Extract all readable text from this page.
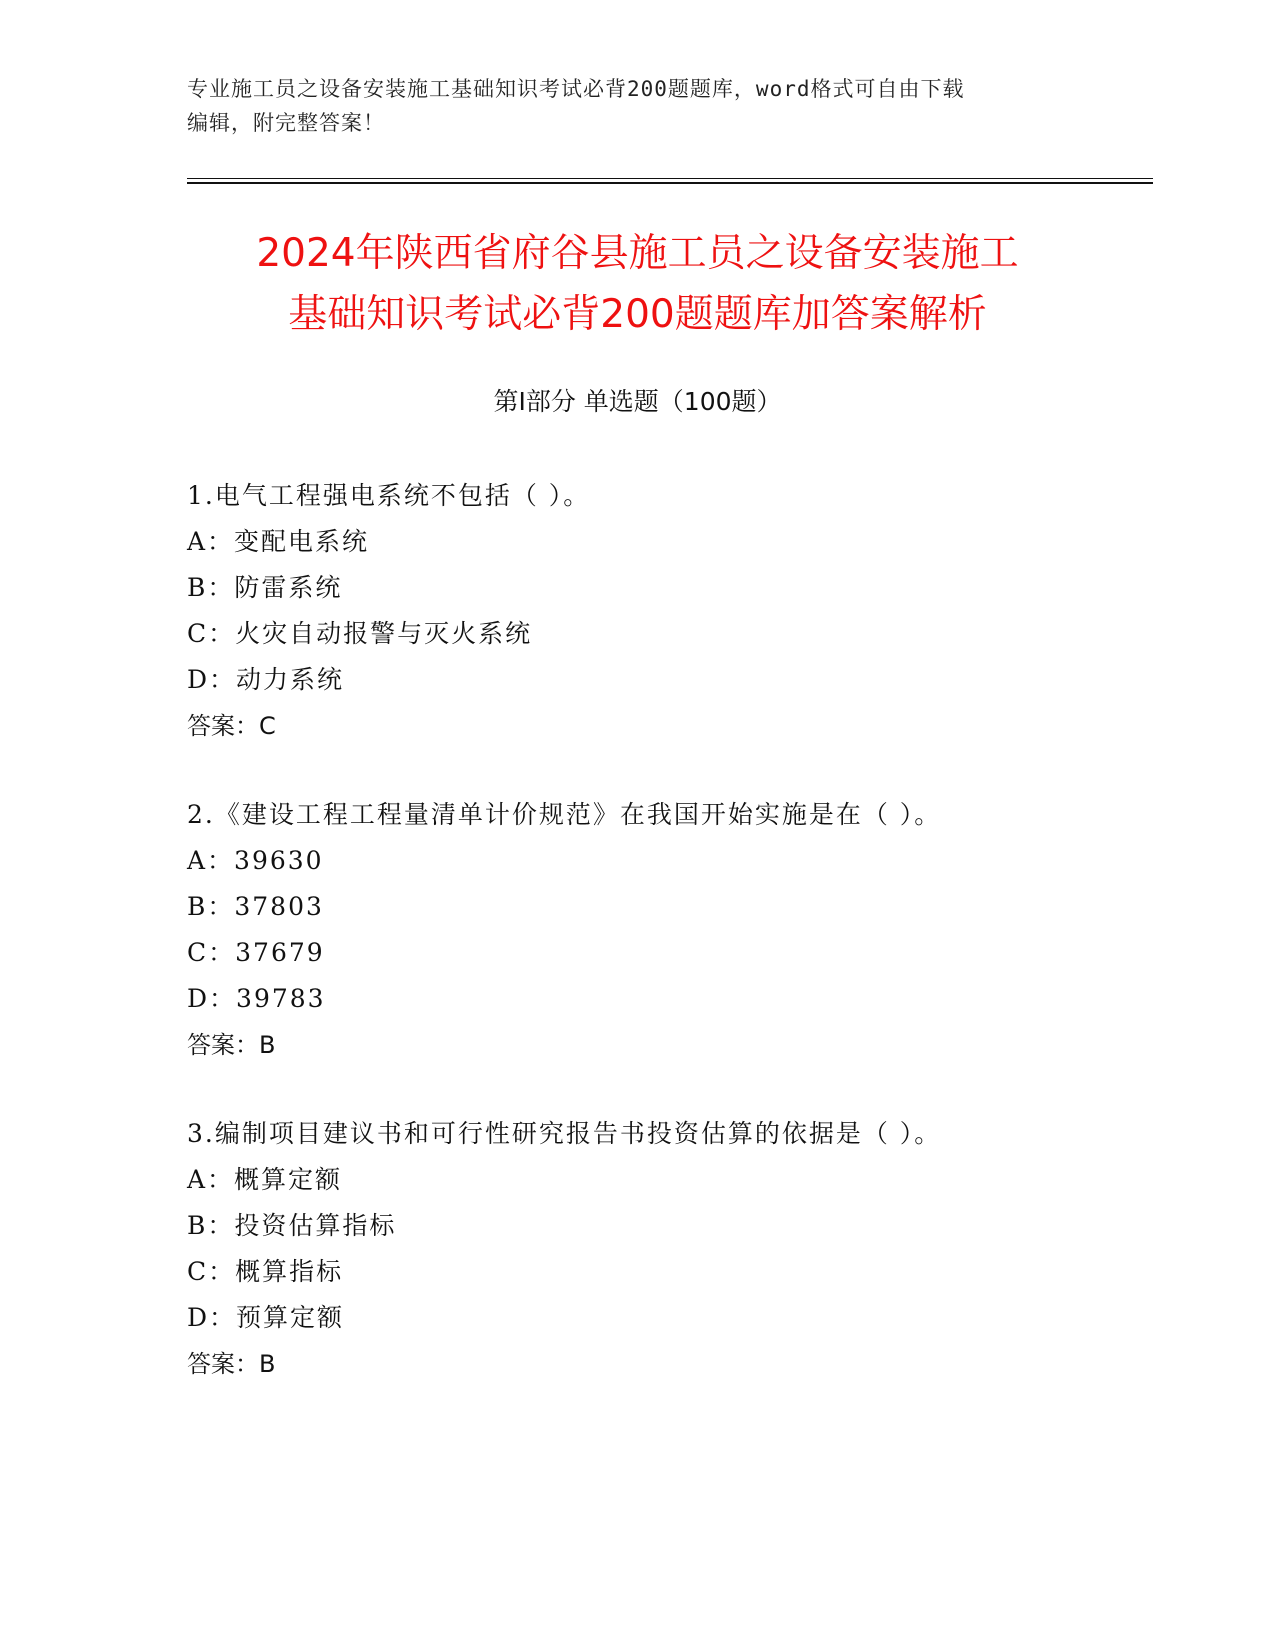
专业施工员之设备安装施工基础知识考试必背200题题库，word格式可自由下载
编辑，附完整答案！
2024年陕西省府谷县施工员之设备安装施工
基础知识考试必背200题题库加答案解析
第Ⅰ部分 单选题（100题）
1.电气工程强电系统不包括（ ）。
A：变配电系统
B：防雷系统
C：火灾自动报警与灭火系统
D：动力系统
答案：C
2.《建设工程工程量清单计价规范》在我国开始实施是在（ ）。
A：39630
B：37803
C：37679
D：39783
答案：B
3.编制项目建议书和可行性研究报告书投资估算的依据是（ ）。
A：概算定额
B：投资估算指标
C：概算指标
D：预算定额
答案：B
